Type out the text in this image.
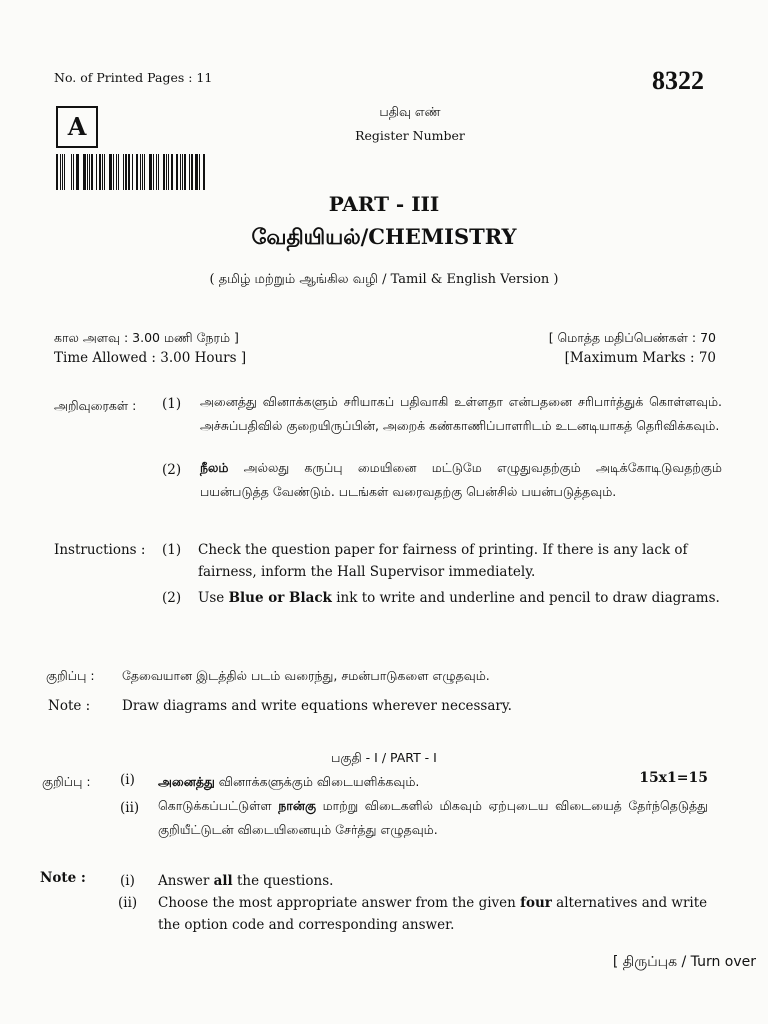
No. of Printed Pages : 11	8322
A
பதிவு எண்
Register Number
PART - III
வேதியியல்/CHEMISTRY
( தமிழ் மற்றும் ஆங்கில வழி / Tamil & English Version )
கால அளவு : 3.00 மணி நேரம் ]
Time Allowed : 3.00 Hours ]
[ மொத்த மதிப்பெண்கள் : 70
[Maximum Marks : 70
அறிவுரைகள் : (1) அனைத்து வினாக்களும் சரியாகப் பதிவாகி உள்ளதா என்பதனை சரிபார்த்துக் கொள்ளவும். அச்சுப்பதிவில் குறையிருப்பின், அறைக் கண்காணிப்பாளரிடம் உடனடியாகத் தெரிவிக்கவும்.
(2) நீலம் அல்லது கருப்பு மையினை மட்டுமே எழுதுவதற்கும் அடிக்கோடிடுவதற்கும் பயன்படுத்த வேண்டும். படங்கள் வரைவதற்கு பென்சில் பயன்படுத்தவும்.
Instructions : (1) Check the question paper for fairness of printing. If there is any lack of fairness, inform the Hall Supervisor immediately.
(2) Use Blue or Black ink to write and underline and pencil to draw diagrams.
குறிப்பு : தேவையான இடத்தில் படம் வரைந்து, சமன்பாடுகளை எழுதவும்.
Note : Draw diagrams and write equations wherever necessary.
பகுதி - I / PART - I
15x1=15
குறிப்பு : (i) அனைத்து வினாக்களுக்கும் விடையளிக்கவும்.
(ii) கொடுக்கப்பட்டுள்ள நான்கு மாற்று விடைகளில் மிகவும் ஏற்புடைய விடையைத் தேர்ந்தெடுத்து குறியீட்டுடன் விடையினையும் சேர்த்து எழுதவும்.
Note :	(i) Answer all the questions.
(ii) Choose the most appropriate answer from the given four alternatives and write the option code and corresponding answer.
[ திருப்புக / Turn over
